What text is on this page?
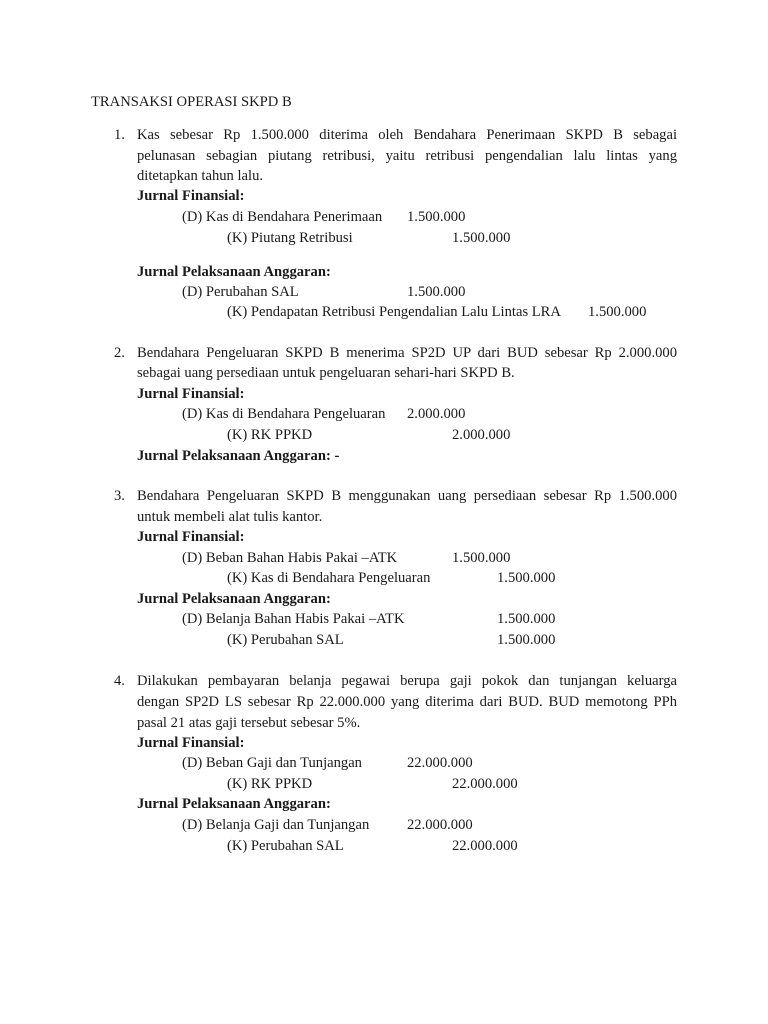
TRANSAKSI OPERASI SKPD B
1. Kas sebesar Rp 1.500.000 diterima oleh Bendahara Penerimaan SKPD B sebagai
pelunasan sebagian piutang retribusi, yaitu retribusi pengendalian lalu lintas yang
ditetapkan tahun lalu.
Jurnal Finansial:
(D) Kas di Bendahara Penerimaan 1.500.000
(K) Piutang Retribusi	1.500.000
Jurnal Pelaksanaan Anggaran:
(D) Perubahan SAL	1.500.000
(K) Pendapatan Retribusi Pengendalian Lalu Lintas LRA 1.500.000
2. Bendahara Pengeluaran SKPD B menerima SP2D UP dari BUD sebesar Rp 2.000.000
sebagai uang persediaan untuk pengeluaran sehari-hari SKPD B.
Jurnal Finansial:
(D) Kas di Bendahara Pengeluaran 2.000.000
(K) RK PPKD	2.000.000
Jurnal Pelaksanaan Anggaran: -
3. Bendahara Pengeluaran SKPD B menggunakan uang persediaan sebesar Rp 1.500.000
untuk membeli alat tulis kantor.
Jurnal Finansial:
(D) Beban Bahan Habis Pakai –ATK	1.500.000
(K) Kas di Bendahara Pengeluaran	1.500.000
Jurnal Pelaksanaan Anggaran:
(D) Belanja Bahan Habis Pakai –ATK	1.500.000
(K) Perubahan SAL	1.500.000
4. Dilakukan pembayaran belanja pegawai berupa gaji pokok dan tunjangan keluarga
dengan SP2D LS sebesar Rp 22.000.000 yang diterima dari BUD. BUD memotong PPh
pasal 21 atas gaji tersebut sebesar 5%.
Jurnal Finansial:
(D) Beban Gaji dan Tunjangan	22.000.000
(K) RK PPKD	22.000.000
Jurnal Pelaksanaan Anggaran:
(D) Belanja Gaji dan Tunjangan	22.000.000
(K) Perubahan SAL	22.000.000
